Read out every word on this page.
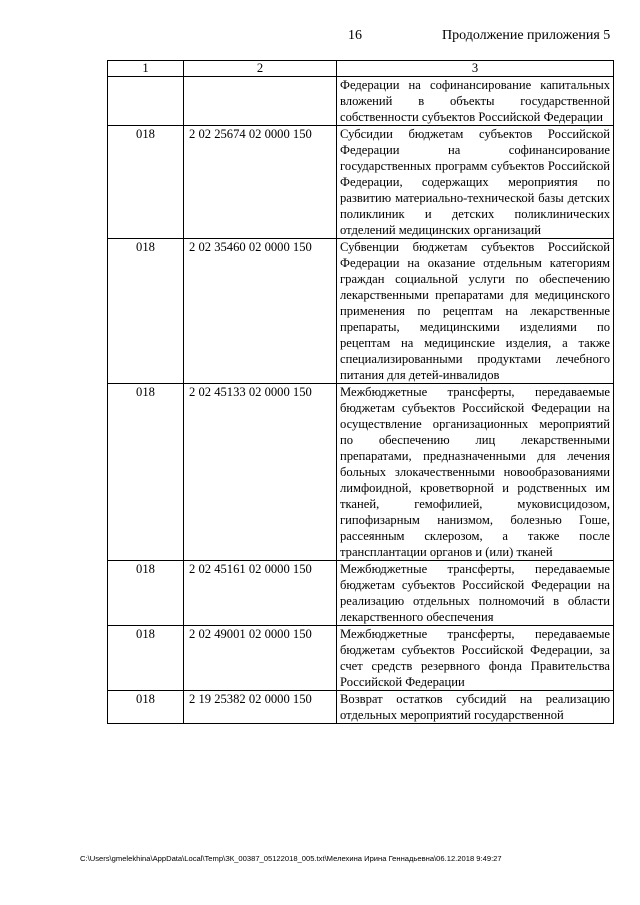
16	Продолжение приложения 5
1	2	3
		Федерации на софинансирование капитальных вложений в объекты государственной собственности субъектов Российской Федерации
018	2 02 25674 02 0000 150	Субсидии бюджетам субъектов Российской Федерации на софинансирование государственных программ субъектов Российской Федерации, содержащих мероприятия по развитию материально-технической базы детских поликлиник и детских поликлинических отделений медицинских организаций
018	2 02 35460 02 0000 150	Субвенции бюджетам субъектов Российской Федерации на оказание отдельным категориям граждан социальной услуги по обеспечению лекарственными препаратами для медицинского применения по рецептам на лекарственные препараты, медицинскими изделиями по рецептам на медицинские изделия, а также специализированными продуктами лечебного питания для детей-инвалидов
018	2 02 45133 02 0000 150	Межбюджетные трансферты, передаваемые бюджетам субъектов Российской Федерации на осуществление организационных мероприятий по обеспечению лиц лекарственными препаратами, предназначенными для лечения больных злокачественными новообразованиями лимфоидной, кроветворной и родственных им тканей, гемофилией, муковисцидозом, гипофизарным нанизмом, болезнью Гоше, рассеянным склерозом, а также после трансплантации органов и (или) тканей
018	2 02 45161 02 0000 150	Межбюджетные трансферты, передаваемые бюджетам субъектов Российской Федерации на реализацию отдельных полномочий в области лекарственного обеспечения
018	2 02 49001 02 0000 150	Межбюджетные трансферты, передаваемые бюджетам субъектов Российской Федерации, за счет средств резервного фонда Правительства Российской Федерации
018	2 19 25382 02 0000 150	Возврат остатков субсидий на реализацию отдельных мероприятий государственной
C:\Users\gmelekhina\AppData\Local\Temp\ЗК_00387_05122018_005.txt\Мелехина Ирина Геннадьевна\06.12.2018 9:49:27
